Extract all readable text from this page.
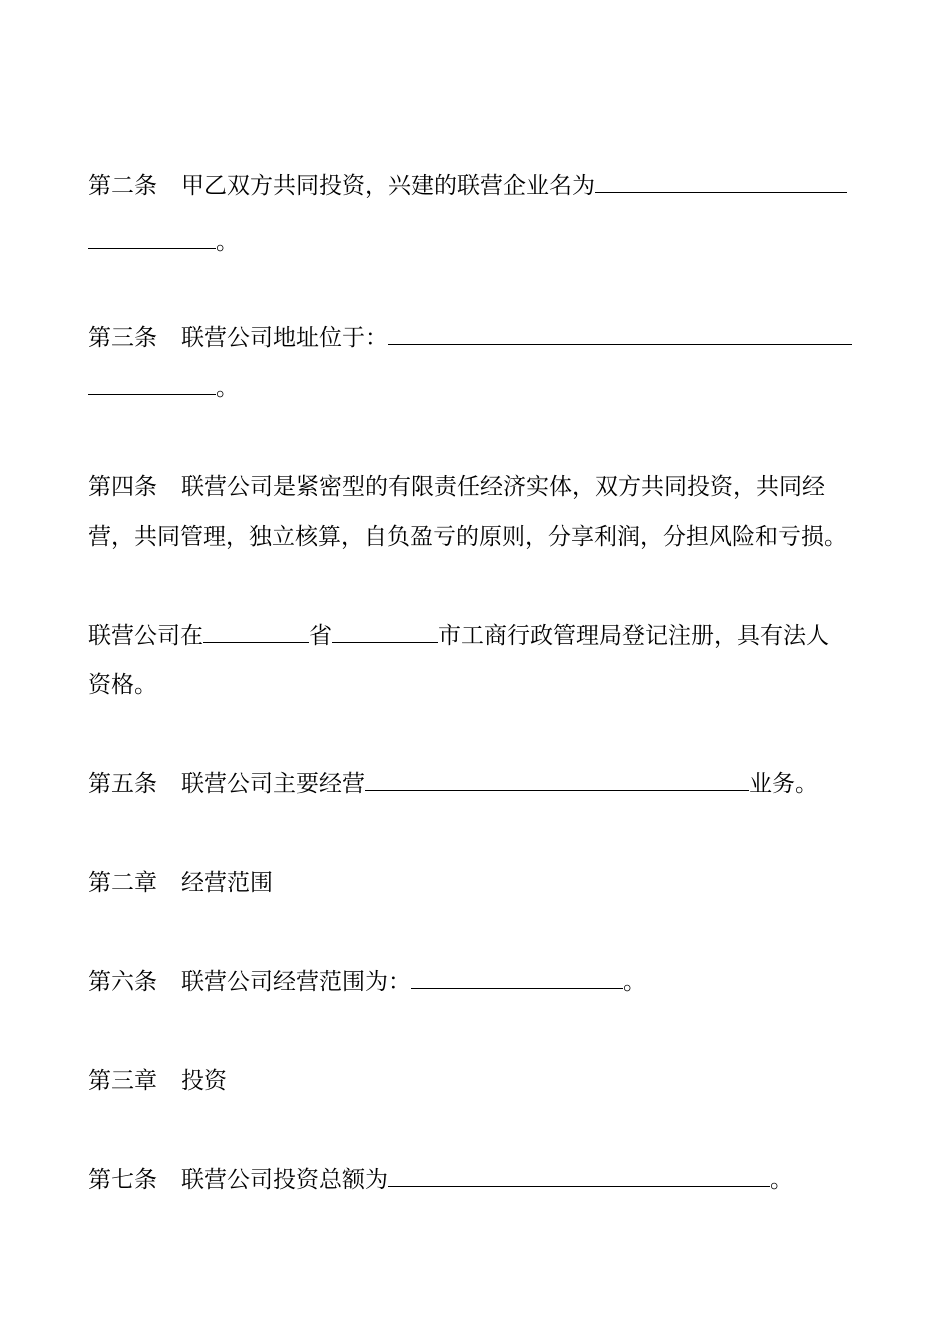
第二条 甲乙双方共同投资，兴建的联营企业名为
。
第三条 联营公司地址位于：
。
第四条 联营公司是紧密型的有限责任经济实体，双方共同投资，共同经
营，共同管理，独立核算，自负盈亏的原则，分享利润，分担风险和亏损。
联营公司在	省	市工商行政管理局登记注册，具有法人
资格。
第五条 联营公司主要经营	业务。
第二章 经营范围
第六条 联营公司经营范围为：	。
第三章 投资
第七条 联营公司投资总额为	。
